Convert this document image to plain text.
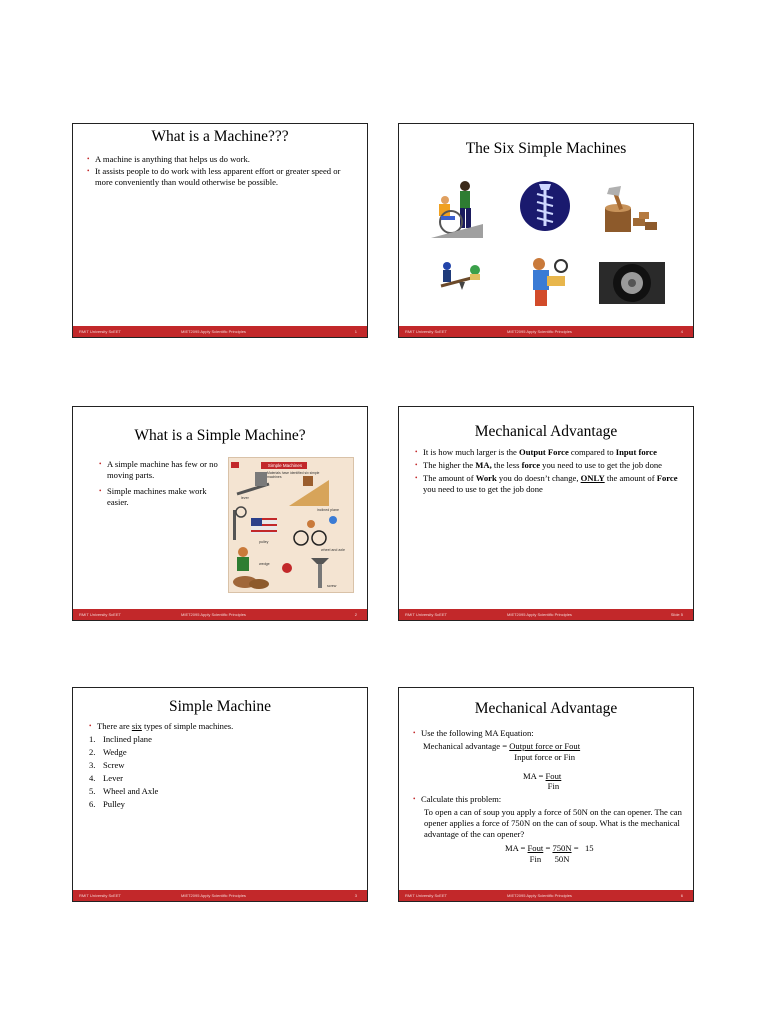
What is a Machine???
• A machine is anything that helps us do work.
• It assists people to do work with less apparent effort or greater speed or more conveniently than would otherwise be possible.
RMIT University ScEET	MIET2095 Apply Scientific Principles	1
The Six Simple Machines
RMIT University ScEET	MIET2095 Apply Scientific Principles	4
What is a Simple Machine?
• A simple machine has few or no moving parts.
• Simple machines make work easier.
Simple Machines
Materials have identified six simple machines
lever
inclined plane
pulley
wheel and axle
wedge
screw
RMIT University ScEET	MIET2095 Apply Scientific Principles	2
Mechanical Advantage
• It is how much larger is the Output Force compared to Input force
• The higher the MA, the less force you need to use to get the job done
• The amount of Work you do doesn’t change, ONLY the amount of Force you need to use to get the job done
RMIT University ScEET	MIET2095 Apply Scientific Principles	Slide 5
Simple Machine
• There are six types of simple machines.
1. Inclined plane
2. Wedge
3. Screw
4. Lever
5. Wheel and Axle
6. Pulley
RMIT University ScEET	MIET2095 Apply Scientific Principles	3
Mechanical Advantage
• Use the following MA Equation:
Mechanical advantage = $\frac{\text{Output force or Fout}}{\text{Input force or Fin}}$
MA = $\frac{\text{Fout}}{\text{Fin}}$
• Calculate this problem:
To open a can of soup you apply a force of 50N on the can opener. The can opener applies a force of 750N on the can of soup. What is the mechanical advantage of the can opener?
MA = $\frac{\text{Fout}}{\text{Fin}} = \frac{750N}{50N} = 15$
RMIT University ScEET	MIET2095 Apply Scientific Principles	6
